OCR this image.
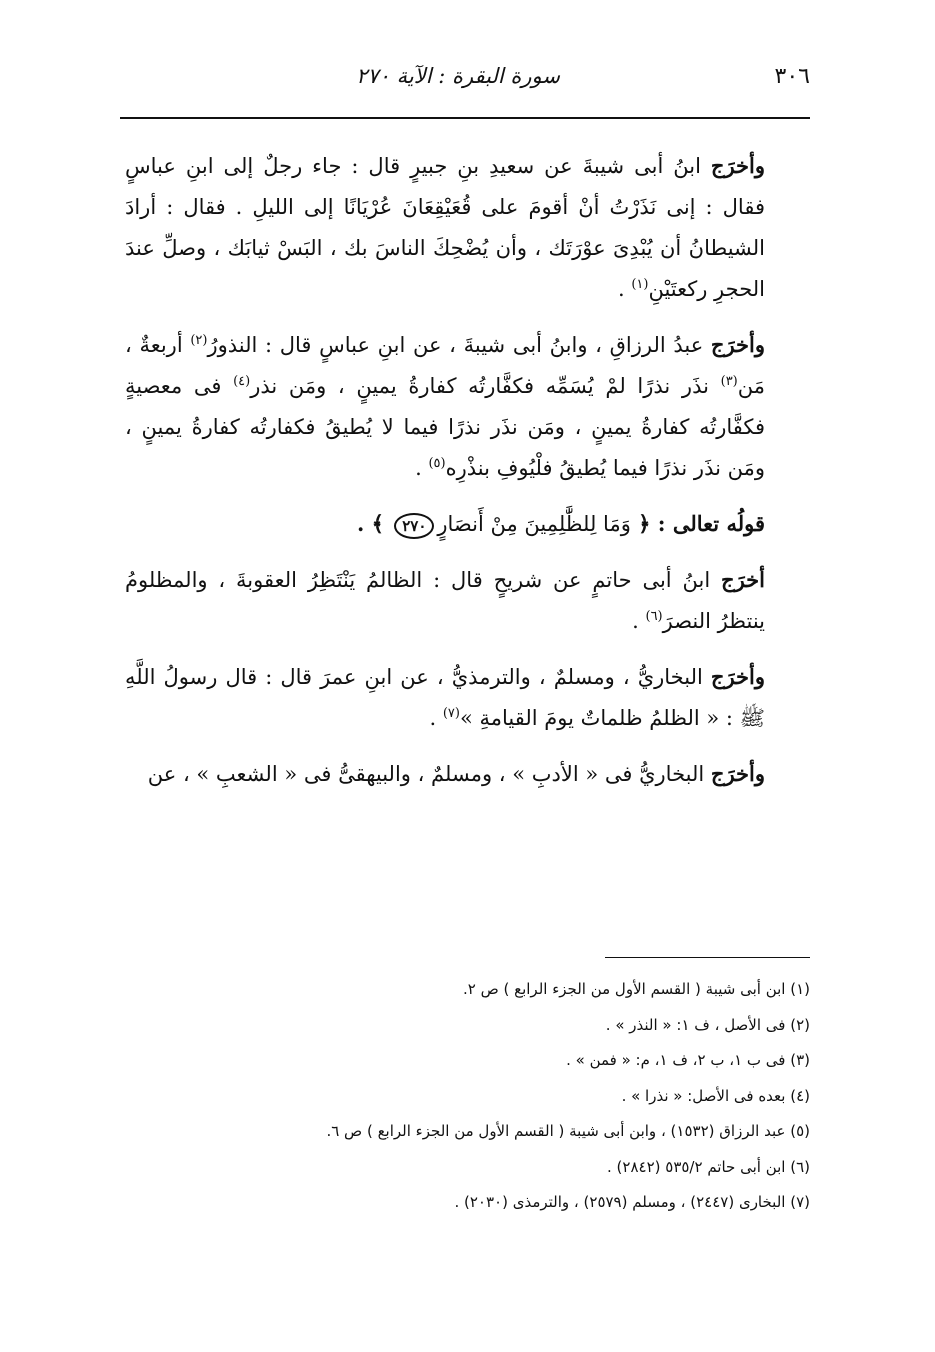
٣٠٦
سورة البقرة : الآية ٢٧٠

وأخرَج ابنُ أبى شيبةَ عن سعيدِ بنِ جبيرٍ قال : جاء رجلٌ إلى ابنِ عباسٍ فقال : إنى نَذَرْتُ أنْ أقومَ على قُعَيْقِعَانَ عُرْيَانًا إلى الليلِ . فقال : أرادَ الشيطانُ أن يُبْدِىَ عوْرَتَك ، وأن يُضْحِكَ الناسَ بك ، البَسْ ثيابَك ، وصلِّ عندَ الحجرِ ركعتَيْنِ$^{(١)}$ .

وأخرَج عبدُ الرزاقِ ، وابنُ أبى شيبةَ ، عن ابنِ عباسٍ قال : النذورُ$^{(٢)}$ أربعةٌ ، مَن$^{(٣)}$ نذَر نذرًا لمْ يُسَمِّه فكفَّارتُه كفارةُ يمينٍ ، ومَن نذر$^{(٤)}$ فى معصيةٍ فكفَّارتُه كفارةُ يمينٍ ، ومَن نذَر نذرًا فيما لا يُطيقُ فكفارتُه كفارةُ يمينٍ ، ومَن نذَر نذرًا فيما يُطيقُ فلْيُوفِ بنذْرِه$^{(٥)}$ .

قولُه تعالى : ﴿ وَمَا لِلظَّٰلِمِينَ مِنْ أَنصَارٍ٢٧٠ ﴾ .

أخرَج ابنُ أبى حاتمٍ عن شريحٍ قال : الظالمُ يَنْتَظِرُ العقوبةَ ، والمظلومُ ينتظرُ النصرَ$^{(٦)}$ .

وأخرَج البخاريُّ ، ومسلمٌ ، والترمذيُّ ، عن ابنِ عمرَ قال : قال رسولُ اللَّهِ ﷺ : « الظلمُ ظلماتٌ يومَ القيامةِ »$^{(٧)}$ .

وأخرَج البخاريُّ فى « الأدبِ » ، ومسلمٌ ، والبيهقىُّ فى « الشعبِ » ، عن

(١) ابن أبى شيبة ( القسم الأول من الجزء الرابع ) ص ٢.

(٢) فى الأصل ، ف ١: « النذر » .

(٣) فى ب ١، ب ٢، ف ١، م: « فمن » .

(٤) بعده فى الأصل: « نذرا » .

(٥) عبد الرزاق (١٥٣٢) ، وابن أبى شيبة ( القسم الأول من الجزء الرابع ) ص ٦.

(٦) ابن أبى حاتم ٥٣٥/٢ (٢٨٤٢) .

(٧) البخارى (٢٤٤٧) ، ومسلم (٢٥٧٩) ، والترمذى (٢٠٣٠) .
